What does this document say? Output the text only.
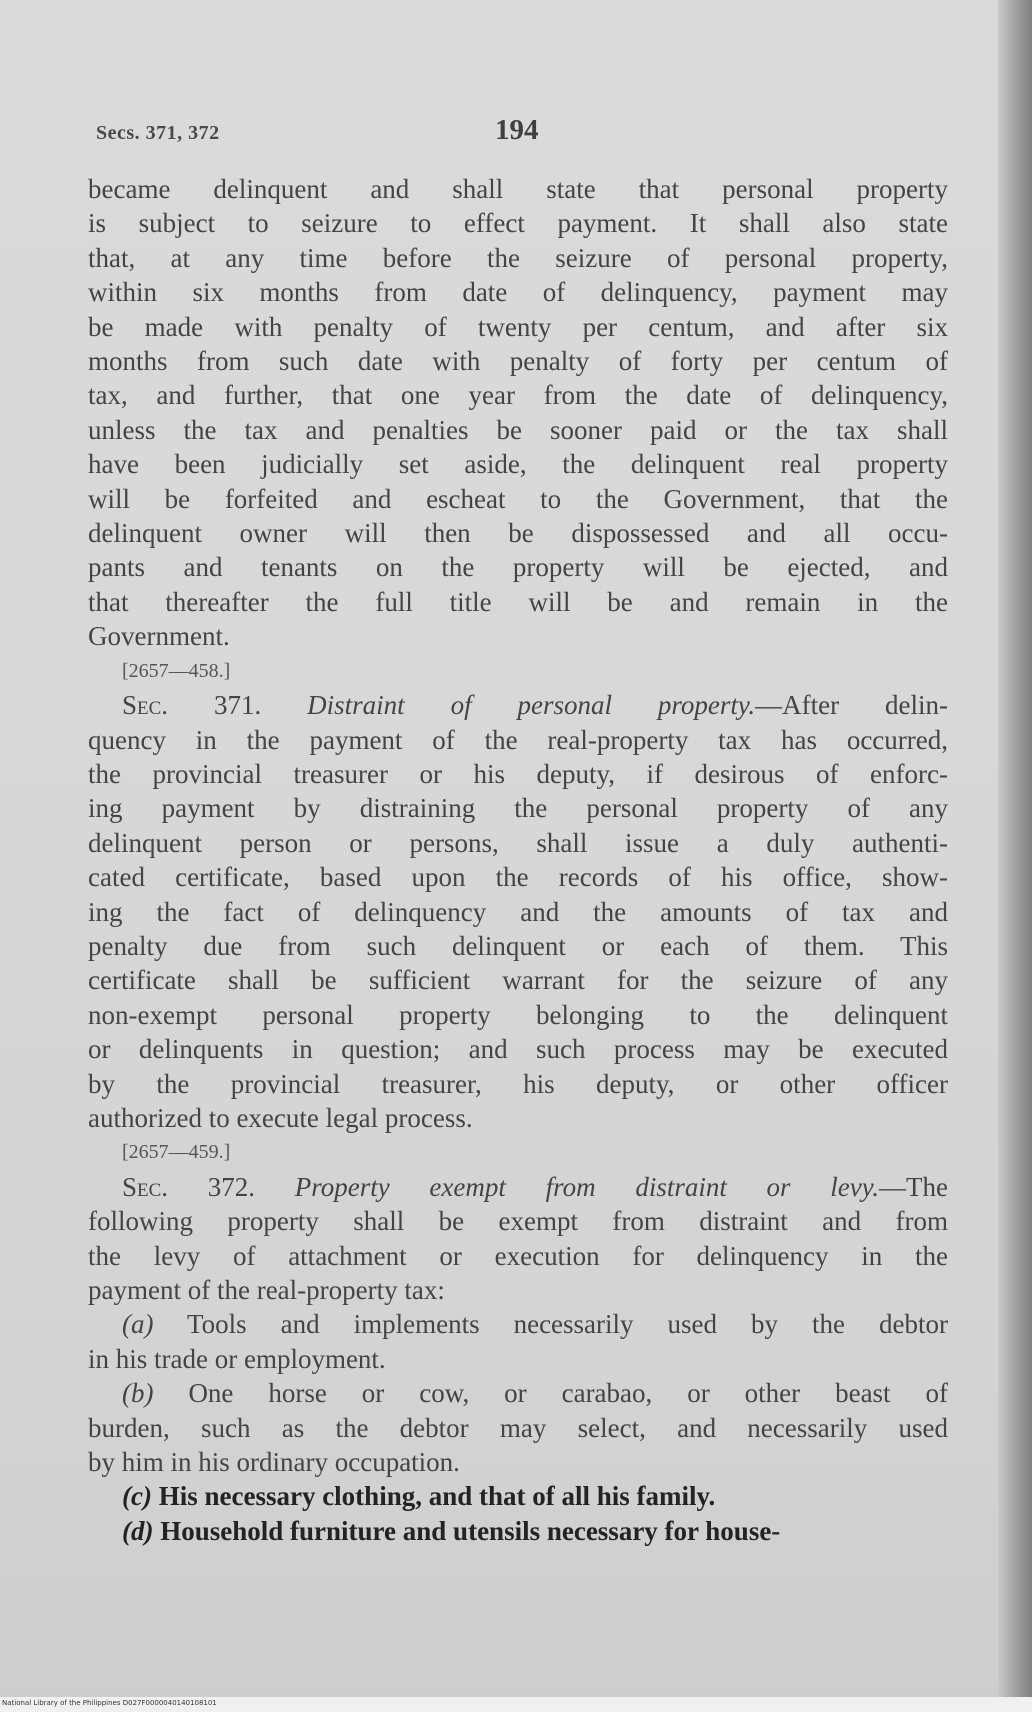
Secs. 371, 372	194
became delinquent and shall state that personal property
is subject to seizure to effect payment. It shall also state
that, at any time before the seizure of personal property,
within six months from date of delinquency, payment may
be made with penalty of twenty per centum, and after six
months from such date with penalty of forty per centum of
tax, and further, that one year from the date of delinquency,
unless the tax and penalties be sooner paid or the tax shall
have been judicially set aside, the delinquent real property
will be forfeited and escheat to the Government, that the
delinquent owner will then be dispossessed and all occu-
pants and tenants on the property will be ejected, and
that thereafter the full title will be and remain in the
Government.
[2657—458.]
Sec. 371. Distraint of personal property.—After delin-
quency in the payment of the real-property tax has occurred,
the provincial treasurer or his deputy, if desirous of enforc-
ing payment by distraining the personal property of any
delinquent person or persons, shall issue a duly authenti-
cated certificate, based upon the records of his office, show-
ing the fact of delinquency and the amounts of tax and
penalty due from such delinquent or each of them. This
certificate shall be sufficient warrant for the seizure of any
non-exempt personal property belonging to the delinquent
or delinquents in question; and such process may be executed
by the provincial treasurer, his deputy, or other officer
authorized to execute legal process.
[2657—459.]
Sec. 372. Property exempt from distraint or levy.—The
following property shall be exempt from distraint and from
the levy of attachment or execution for delinquency in the
payment of the real-property tax:
(a) Tools and implements necessarily used by the debtor
in his trade or employment.
(b) One horse or cow, or carabao, or other beast of
burden, such as the debtor may select, and necessarily used
by him in his ordinary occupation.
(c) His necessary clothing, and that of all his family.
(d) Household furniture and utensils necessary for house-
National Library of the Philippines D027F0000040140108101
